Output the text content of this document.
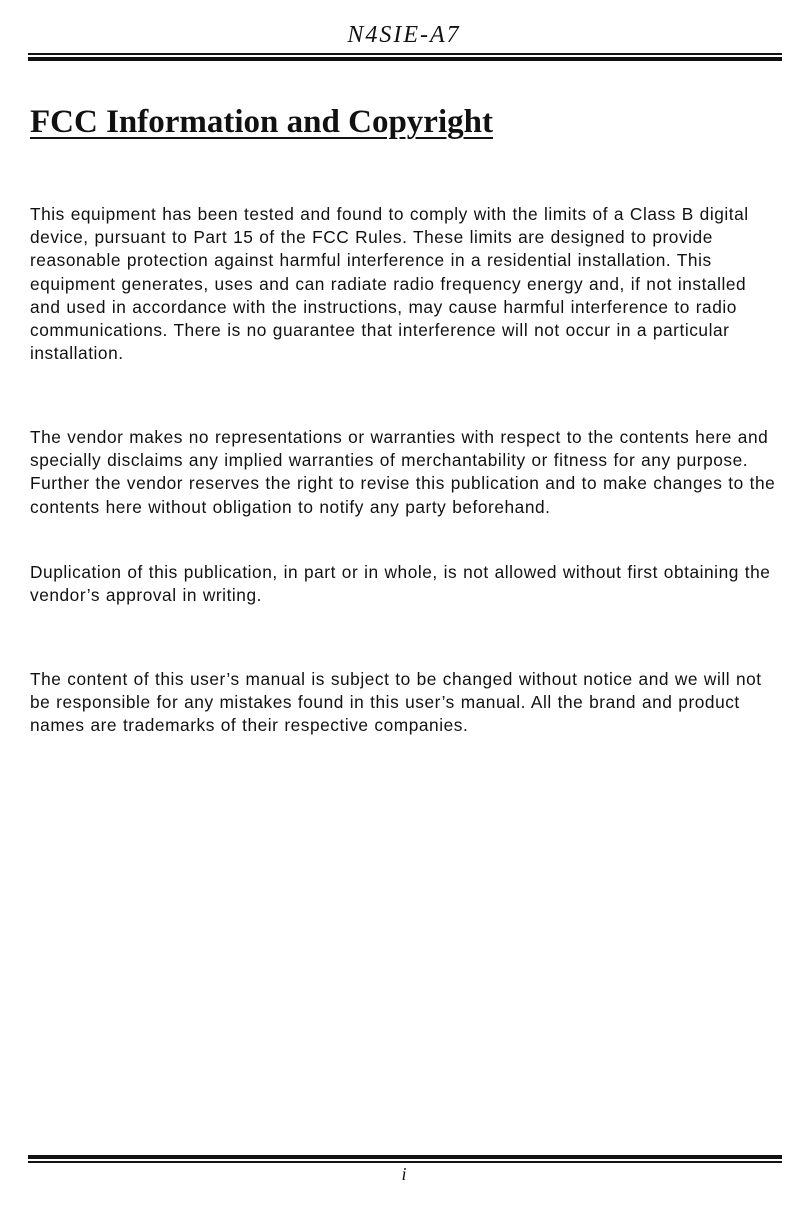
N4SIE-A7
FCC Information and Copyright

This equipment has been tested and found to comply with the limits of a Class B digital device, pursuant to Part 15 of the FCC Rules. These limits are designed to provide reasonable protection against harmful interference in a residential installation. This equipment generates, uses and can radiate radio frequency energy and, if not installed and used in accordance with the instructions, may cause harmful interference to radio communications. There is no guarantee that interference will not occur in a particular installation.

The vendor makes no representations or warranties with respect to the contents here and specially disclaims any implied warranties of merchantability or fitness for any purpose. Further the vendor reserves the right to revise this publication and to make changes to the contents here without obligation to notify any party beforehand.

Duplication of this publication, in part or in whole, is not allowed without first obtaining the vendor’s approval in writing.

The content of this user’s manual is subject to be changed without notice and we will not be responsible for any mistakes found in this user’s manual. All the brand and product names are trademarks of their respective companies.

i
